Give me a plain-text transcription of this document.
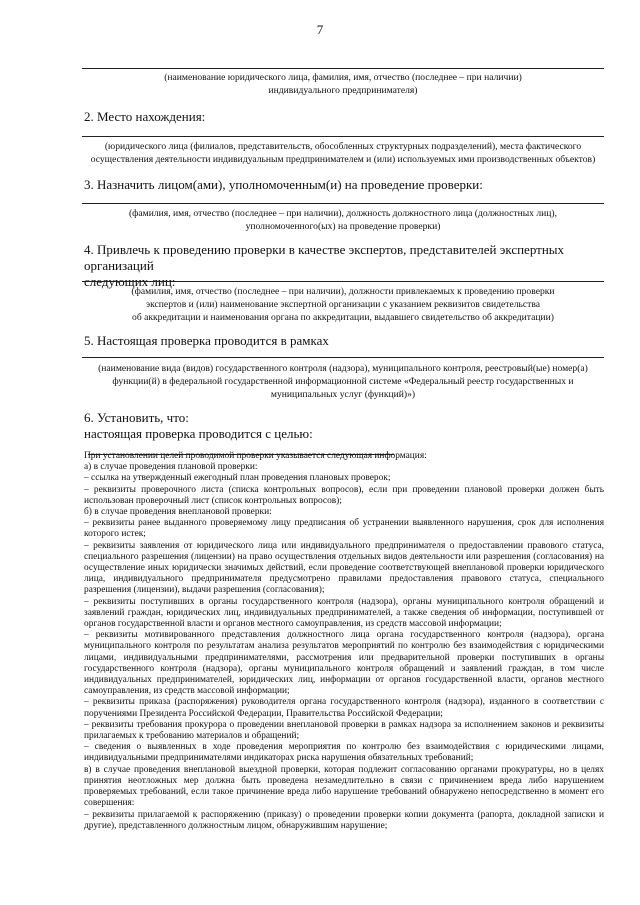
7
(наименование юридического лица, фамилия, имя, отчество (последнее – при наличии)
индивидуального предпринимателя)
2. Место нахождения:
(юридического лица (филиалов, представительств, обособленных структурных подразделений), места фактического
осуществления деятельности индивидуальным предпринимателем и (или) используемых ими производственных объектов)
3. Назначить лицом(ами), уполномоченным(и) на проведение проверки:
(фамилия, имя, отчество (последнее – при наличии), должность должностного лица (должностных лиц),
уполномоченного(ых) на проведение проверки)
4. Привлечь к проведению проверки в качестве экспертов, представителей экспертных организаций
следующих лиц:
(фамилия, имя, отчество (последнее – при наличии), должности привлекаемых к проведению проверки
экспертов и (или) наименование экспертной организации с указанием реквизитов свидетельства
об аккредитации и наименования органа по аккредитации, выдавшего свидетельство об аккредитации)
5. Настоящая проверка проводится в рамках
(наименование вида (видов) государственного контроля (надзора), муниципального контроля, реестровый(ые) номер(а)
функции(й) в федеральной государственной информационной системе «Федеральный реестр государственных и
муниципальных услуг (функций)»)
6. Установить, что:
настоящая проверка проводится с целью:

При установлении целей проводимой проверки указывается следующая информация:

а) в случае проведения плановой проверки:

– ссылка на утвержденный ежегодный план проведения плановых проверок;

– реквизиты проверочного листа (списка контрольных вопросов), если при проведении плановой проверки должен быть использован проверочный лист (список контрольных вопросов);

б) в случае проведения внеплановой проверки:

– реквизиты ранее выданного проверяемому лицу предписания об устранении выявленного нарушения, срок для исполнения которого истек;

– реквизиты заявления от юридического лица или индивидуального предпринимателя о предоставлении правового статуса, специального разрешения (лицензии) на право осуществления отдельных видов деятельности или разрешения (согласования) на осуществление иных юридически значимых действий, если проведение соответствующей внеплановой проверки юридического лица, индивидуального предпринимателя предусмотрено правилами предоставления правового статуса, специального разрешения (лицензии), выдачи разрешения (согласования);

– реквизиты поступивших в органы государственного контроля (надзора), органы муниципального контроля обращений и заявлений граждан, юридических лиц, индивидуальных предпринимателей, а также сведения об информации, поступившей от органов государственной власти и органов местного самоуправления, из средств массовой информации;

– реквизиты мотивированного представления должностного лица органа государственного контроля (надзора), органа муниципального контроля по результатам анализа результатов мероприятий по контролю без взаимодействия с юридическими лицами, индивидуальными предпринимателями, рассмотрения или предварительной проверки поступивших в органы государственного контроля (надзора), органы муниципального контроля обращений и заявлений граждан, в том числе индивидуальных предпринимателей, юридических лиц, информации от органов государственной власти, органов местного самоуправления, из средств массовой информации;

– реквизиты приказа (распоряжения) руководителя органа государственного контроля (надзора), изданного в соответствии с поручениями Президента Российской Федерации, Правительства Российской Федерации;

– реквизиты требования прокурора о проведении внеплановой проверки в рамках надзора за исполнением законов и реквизиты прилагаемых к требованию материалов и обращений;

– сведения о выявленных в ходе проведения мероприятия по контролю без взаимодействия с юридическими лицами, индивидуальными предпринимателями индикаторах риска нарушения обязательных требований;

в) в случае проведения внеплановой выездной проверки, которая подлежит согласованию органами прокуратуры, но в целях принятия неотложных мер должна быть проведена незамедлительно в связи с причинением вреда либо нарушением проверяемых требований, если такое причинение вреда либо нарушение требований обнаружено непосредственно в момент его совершения:

– реквизиты прилагаемой к распоряжению (приказу) о проведении проверки копии документа (рапорта, докладной записки и другие), представленного должностным лицом, обнаружившим нарушение;
